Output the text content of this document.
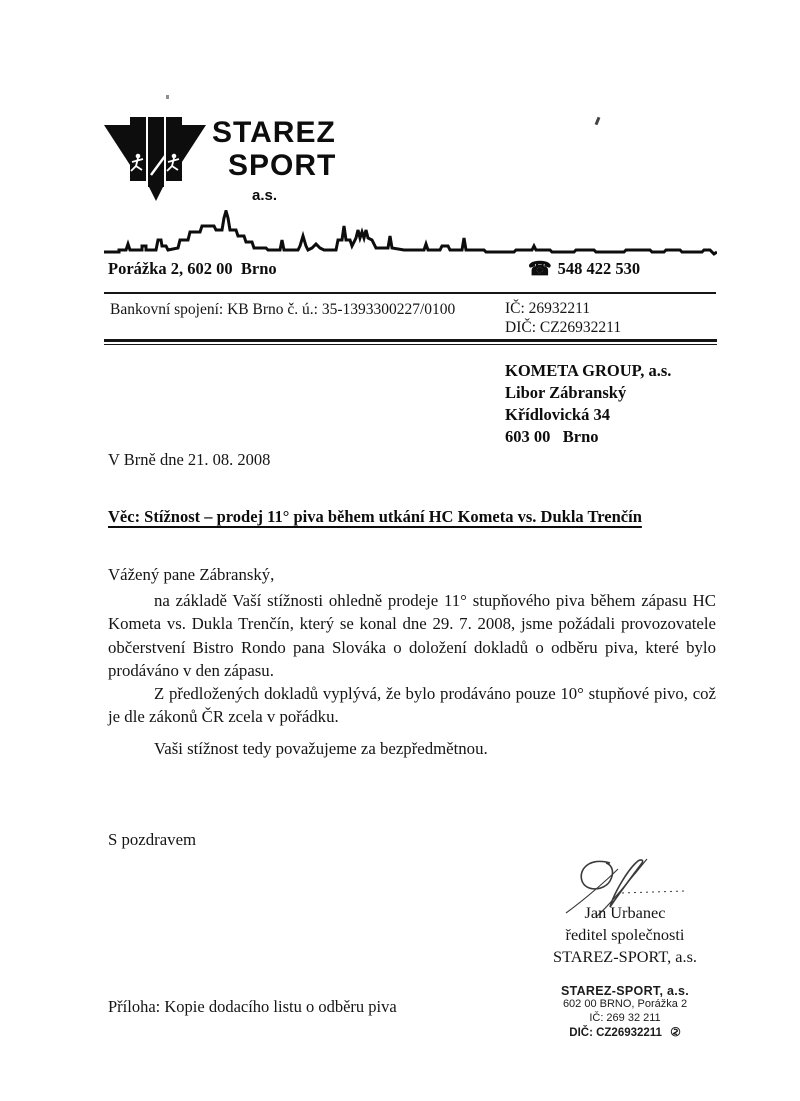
STAREZ
SPORT
a.s.
Porážka 2, 602 00  Brno	☎ 548 422 530
Bankovní spojení: KB Brno č. ú.: 35-1393300227/0100	IČ: 26932211
DIČ: CZ26932211
KOMETA GROUP, a.s.
Libor Zábranský
Křídlovická 34
603 00   Brno
V Brně dne 21. 08. 2008
Věc: Stížnost – prodej 11° piva během utkání HC Kometa vs. Dukla Trenčín
Vážený pane Zábranský,

na základě Vaší stížnosti ohledně prodeje 11° stupňového piva během zápasu HC Kometa vs. Dukla Trenčín, který se konal dne 29. 7. 2008, jsme požádali provozovatele občerstvení Bistro Rondo pana Slováka o doložení dokladů o odběru piva, které bylo prodáváno v den zápasu.

Z předložených dokladů vyplývá, že bylo prodáváno pouze 10° stupňové pivo, což je dle zákonů ČR zcela v pořádku.

Vaši stížnost tedy považujeme za bezpředmětnou.

S pozdravem
Jan Urbanec
ředitel společnosti
STAREZ-SPORT, a.s.
STAREZ-SPORT, a.s.
602 00 BRNO, Porážka 2
IČ: 269 32 211
DIČ: CZ26932211 ②
Příloha: Kopie dodacího listu o odběru piva
